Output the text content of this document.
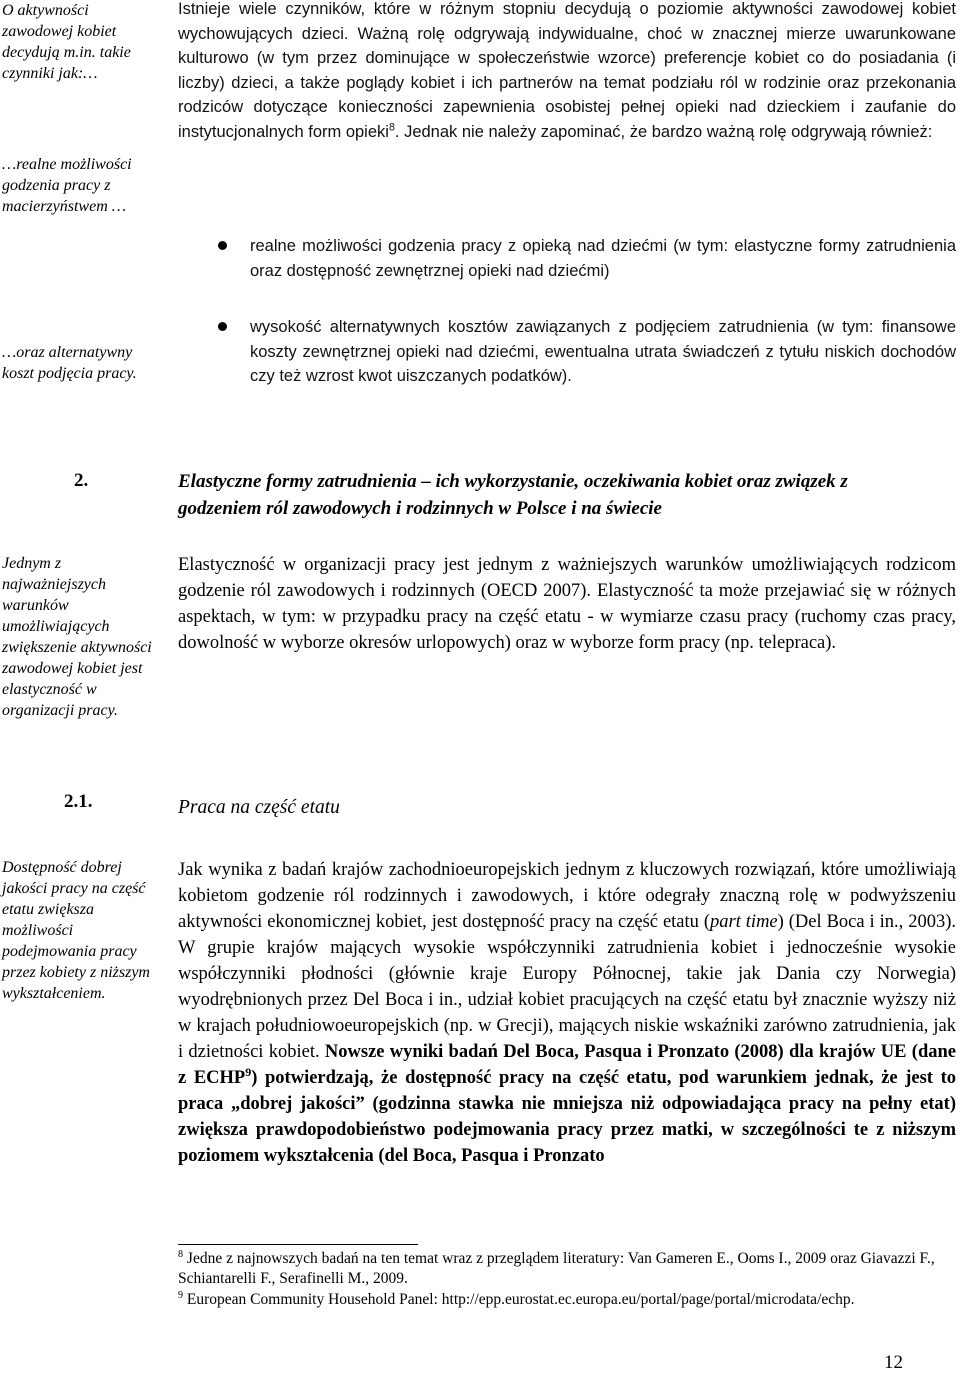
O aktywności zawodowej kobiet decydują m.in. takie czynniki jak:…
…realne możliwości godzenia pracy z macierzyństwem …
…oraz alternatywny koszt podjęcia pracy.
Istnieje wiele czynników, które w różnym stopniu decydują o poziomie aktywności zawodowej kobiet wychowujących dzieci. Ważną rolę odgrywają indywidualne, choć w znacznej mierze uwarunkowane kulturowo (w tym przez dominujące w społeczeństwie wzorce) preferencje kobiet co do posiadania (i liczby) dzieci, a także poglądy kobiet i ich partnerów na temat podziału ról w rodzinie oraz przekonania rodziców dotyczące konieczności zapewnienia osobistej pełnej opieki nad dzieckiem i zaufanie do instytucjonalnych form opieki$^8$. Jednak nie należy zapominać, że bardzo ważną rolę odgrywają również:
realne możliwości godzenia pracy z opieką nad dziećmi (w tym: elastyczne formy zatrudnienia oraz dostępność zewnętrznej opieki nad dziećmi)
wysokość alternatywnych kosztów zawiązanych z podjęciem zatrudnienia (w tym: finansowe koszty zewnętrznej opieki nad dziećmi, ewentualna utrata świadczeń z tytułu niskich dochodów czy też wzrost kwot uiszczanych podatków).
2.	Elastyczne formy zatrudnienia – ich wykorzystanie, oczekiwania kobiet oraz związek z godzeniem ról zawodowych i rodzinnych w Polsce i na świecie
Jednym z najważniejszych warunków umożliwiających zwiększenie aktywności zawodowej kobiet jest elastyczność w organizacji pracy.
Elastyczność w organizacji pracy jest jednym z ważniejszych warunków umożliwiających rodzicom godzenie ról zawodowych i rodzinnych (OECD 2007). Elastyczność ta może przejawiać się w różnych aspektach, w tym: w przypadku pracy na część etatu - w wymiarze czasu pracy (ruchomy czas pracy, dowolność w wyborze okresów urlopowych) oraz w wyborze form pracy (np. telepraca).
2.1.	Praca na część etatu
Dostępność dobrej jakości pracy na część etatu zwiększa możliwości podejmowania pracy przez kobiety z niższym wykształceniem.
Jak wynika z badań krajów zachodnioeuropejskich jednym z kluczowych rozwiązań, które umożliwiają kobietom godzenie ról rodzinnych i zawodowych, i które odegrały znaczną rolę w podwyższeniu aktywności ekonomicznej kobiet, jest dostępność pracy na część etatu (part time) (Del Boca i in., 2003). W grupie krajów mających wysokie współczynniki zatrudnienia kobiet i jednocześnie wysokie współczynniki płodności (głównie kraje Europy Północnej, takie jak Dania czy Norwegia) wyodrębnionych przez Del Boca i in., udział kobiet pracujących na część etatu był znacznie wyższy niż w krajach południowoeuropejskich (np. w Grecji), mających niskie wskaźniki zarówno zatrudnienia, jak i dzietności kobiet. Nowsze wyniki badań Del Boca, Pasqua i Pronzato (2008) dla krajów UE (dane z ECHP$^9$) potwierdzają, że dostępność pracy na część etatu, pod warunkiem jednak, że jest to praca „dobrej jakości” (godzinna stawka nie mniejsza niż odpowiadająca pracy na pełny etat) zwiększa prawdopodobieństwo podejmowania pracy przez matki, w szczególności te z niższym poziomem wykształcenia (del Boca, Pasqua i Pronzato
$^8$ Jedne z najnowszych badań na ten temat wraz z przeglądem literatury: Van Gameren E., Ooms I., 2009 oraz Giavazzi F., Schiantarelli F., Serafinelli M., 2009.
$^9$ European Community Household Panel: http://epp.eurostat.ec.europa.eu/portal/page/portal/microdata/echp.
12
